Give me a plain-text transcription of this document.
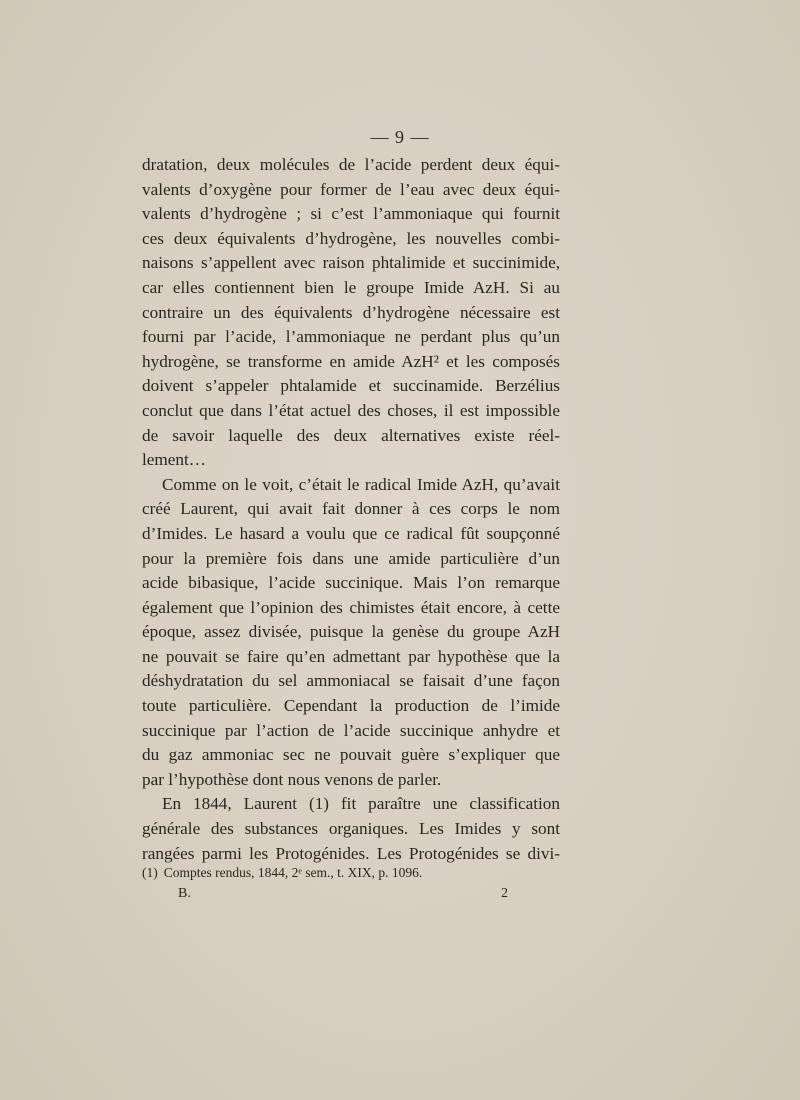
— 9 —
dratation, deux molécules de l’acide perdent deux équi-
valents d’oxygène pour former de l’eau avec deux équi-
valents d’hydrogène ; si c’est l’ammoniaque qui fournit
ces deux équivalents d’hydrogène, les nouvelles combi-
naisons s’appellent avec raison phtalimide et succinimide,
car elles contiennent bien le groupe Imide AzH. Si au
contraire un des équivalents d’hydrogène nécessaire est
fourni par l’acide, l’ammoniaque ne perdant plus qu’un
hydrogène, se transforme en amide AzH² et les composés
doivent s’appeler phtalamide et succinamide. Berzélius
conclut que dans l’état actuel des choses, il est impossible
de savoir laquelle des deux alternatives existe réel-
lement…
Comme on le voit, c’était le radical Imide AzH, qu’avait
créé Laurent, qui avait fait donner à ces corps le nom
d’Imides. Le hasard a voulu que ce radical fût soupçonné
pour la première fois dans une amide particulière d’un
acide bibasique, l’acide succinique. Mais l’on remarque
également que l’opinion des chimistes était encore, à cette
époque, assez divisée, puisque la genèse du groupe AzH
ne pouvait se faire qu’en admettant par hypothèse que la
déshydratation du sel ammoniacal se faisait d’une façon
toute particulière. Cependant la production de l’imide
succinique par l’action de l’acide succinique anhydre et
du gaz ammoniac sec ne pouvait guère s’expliquer que
par l’hypothèse dont nous venons de parler.
En 1844, Laurent (1) fit paraître une classification
générale des substances organiques. Les Imides y sont
rangées parmi les Protogénides. Les Protogénides se divi-
(1) Comptes rendus, 1844, 2ᵉ sem., t. XIX, p. 1096.
B.	2
